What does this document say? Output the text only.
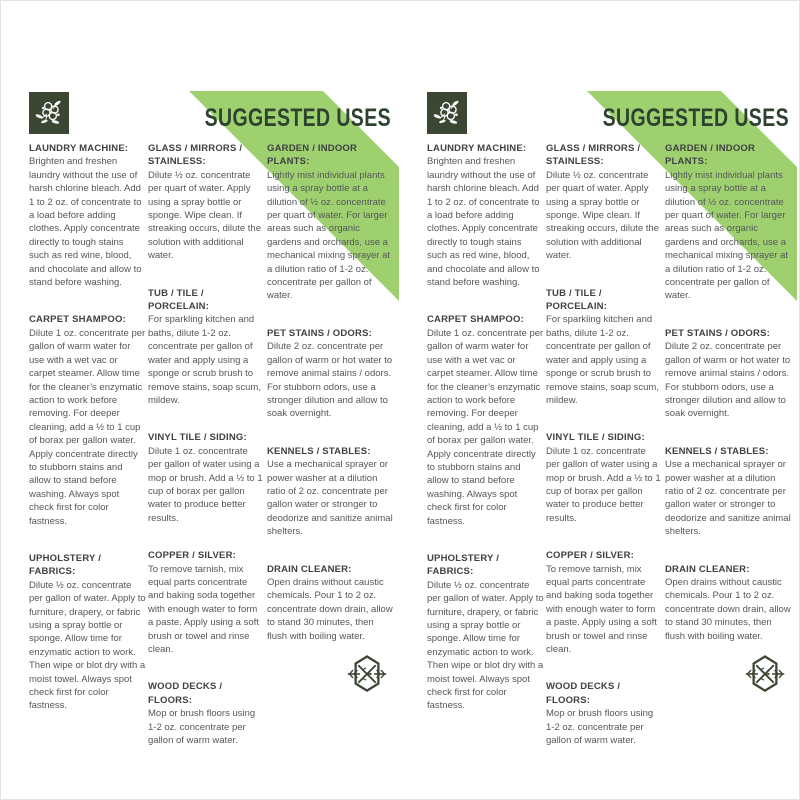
SUGGESTED USES
LAUNDRY MACHINE:

Brighten and freshen laundry without the use of harsh chlorine bleach. Add 1 to 2 oz. of concentrate to a load before adding clothes. Apply concentrate directly to tough stains such as red wine, blood, and chocolate and allow to stand before washing.

CARPET SHAMPOO:

Dilute 1 oz. concentrate per gallon of warm water for use with a wet vac or carpet steamer. Allow time for the cleaner’s enzymatic action to work before removing. For deeper cleaning, add a ½ to 1 cup of borax per gallon water. Apply concentrate directly to stubborn stains and allow to stand before washing. Always spot check first for color fastness.

UPHOLSTERY / FABRICS:

Dilute ½ oz. concentrate per gallon of water. Apply to furniture, drapery, or fabric using a spray bottle or sponge. Allow time for enzymatic action to work. Then wipe or blot dry with a moist towel. Always spot check first for color fastness.

GLASS / MIRRORS / STAINLESS:

Dilute ½ oz. concentrate per quart of water. Apply using a spray bottle or sponge. Wipe clean. If streaking occurs, dilute the solution with additional water.

TUB / TILE / PORCELAIN:

For sparkling kitchen and baths, dilute 1-2 oz. concentrate per gallon of water and apply using a sponge or scrub brush to remove stains, soap scum, mildew.

VINYL TILE / SIDING:

Dilute 1 oz. concentrate per gallon of water using a mop or brush. Add a ½ to 1 cup of borax per gallon water to produce better results.

COPPER / SILVER:

To remove tarnish, mix equal parts concentrate and baking soda together with enough water to form a paste. Apply using a soft brush or towel and rinse clean.

WOOD DECKS / FLOORS:

Mop or brush floors using 1-2 oz. concentrate per gallon of warm water.

GARDEN / INDOOR PLANTS:

Lightly mist individual plants using a spray bottle at a dilution of ½ oz. concentrate per quart of water. For larger areas such as organic gardens and orchards, use a mechanical mixing sprayer at a dilution ratio of 1-2 oz. concentrate per gallon of water.

PET STAINS / ODORS:

Dilute 2 oz. concentrate per gallon of warm or hot water to remove animal stains / odors. For stubborn odors, use a stronger dilution and allow to soak overnight.

KENNELS / STABLES:

Use a mechanical sprayer or power washer at a dilution ratio of 2 oz. concentrate per gallon water or stronger to deodorize and sanitize animal shelters.

DRAIN CLEANER:

Open drains without caustic chemicals. Pour 1 to 2 oz. concentrate down drain, allow to stand 30 minutes, then flush with boiling water.

SUGGESTED USES
LAUNDRY MACHINE:

Brighten and freshen laundry without the use of harsh chlorine bleach. Add 1 to 2 oz. of concentrate to a load before adding clothes. Apply concentrate directly to tough stains such as red wine, blood, and chocolate and allow to stand before washing.

CARPET SHAMPOO:

Dilute 1 oz. concentrate per gallon of warm water for use with a wet vac or carpet steamer. Allow time for the cleaner’s enzymatic action to work before removing. For deeper cleaning, add a ½ to 1 cup of borax per gallon water. Apply concentrate directly to stubborn stains and allow to stand before washing. Always spot check first for color fastness.

UPHOLSTERY / FABRICS:

Dilute ½ oz. concentrate per gallon of water. Apply to furniture, drapery, or fabric using a spray bottle or sponge. Allow time for enzymatic action to work. Then wipe or blot dry with a moist towel. Always spot check first for color fastness.

GLASS / MIRRORS / STAINLESS:

Dilute ½ oz. concentrate per quart of water. Apply using a spray bottle or sponge. Wipe clean. If streaking occurs, dilute the solution with additional water.

TUB / TILE / PORCELAIN:

For sparkling kitchen and baths, dilute 1-2 oz. concentrate per gallon of water and apply using a sponge or scrub brush to remove stains, soap scum, mildew.

VINYL TILE / SIDING:

Dilute 1 oz. concentrate per gallon of water using a mop or brush. Add a ½ to 1 cup of borax per gallon water to produce better results.

COPPER / SILVER:

To remove tarnish, mix equal parts concentrate and baking soda together with enough water to form a paste. Apply using a soft brush or towel and rinse clean.

WOOD DECKS / FLOORS:

Mop or brush floors using 1-2 oz. concentrate per gallon of warm water.

GARDEN / INDOOR PLANTS:

Lightly mist individual plants using a spray bottle at a dilution of ½ oz. concentrate per quart of water. For larger areas such as organic gardens and orchards, use a mechanical mixing sprayer at a dilution ratio of 1-2 oz. concentrate per gallon of water.

PET STAINS / ODORS:

Dilute 2 oz. concentrate per gallon of warm or hot water to remove animal stains / odors. For stubborn odors, use a stronger dilution and allow to soak overnight.

KENNELS / STABLES:

Use a mechanical sprayer or power washer at a dilution ratio of 2 oz. concentrate per gallon water or stronger to deodorize and sanitize animal shelters.

DRAIN CLEANER:

Open drains without caustic chemicals. Pour 1 to 2 oz. concentrate down drain, allow to stand 30 minutes, then flush with boiling water.
